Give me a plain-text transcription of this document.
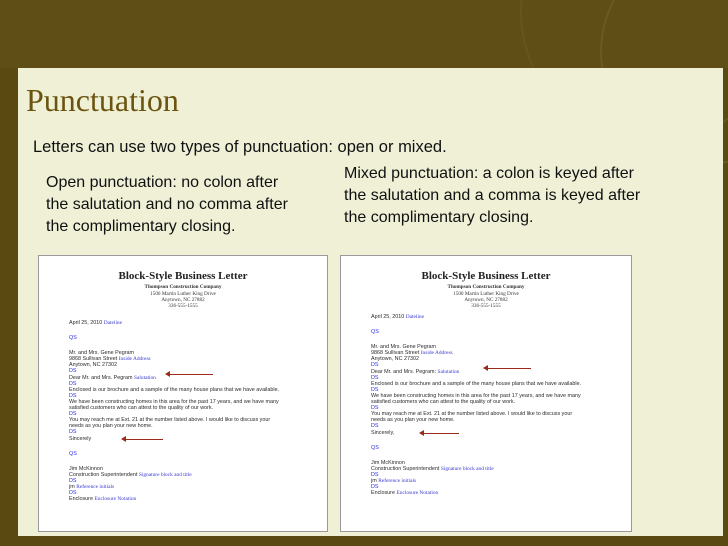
Punctuation

Letters can use two types of punctuation: open or mixed.

Open punctuation: no colon after the salutation and no comma after the complimentary closing.

Mixed punctuation: a colon is keyed after the salutation and a comma is keyed after the complimentary closing.

Block-Style Business Letter
Thompson Construction Company
1500 Martin Luther King Drive
Anytown, NC 27882
336-555-1555
April 25, 2010 Dateline
QS
Mr. and Mrs. Gene Pegram
9868 Sullivan Street Inside Address
Anytown, NC 27302
DS
Dear Mr. and Mrs. Pegram Salutation
DS
Enclosed is our brochure and a sample of the many house plans that we have available.
DS
We have been constructing homes in this area for the past 17 years, and we have many
satisfied customers who can attest to the quality of our work.
DS
You may reach me at Ext. 21 at the number listed above. I would like to discuss your
needs as you plan your new home.
DS
Sincerely
QS
Jim McKinnon
Construction Superintendent Signature block and title
DS
jm Reference initials
DS
Enclosure Enclosure Notation
Block-Style Business Letter
Thompson Construction Company
1500 Martin Luther King Drive
Anytown, NC 27882
336-555-1555
April 25, 2010 Dateline
QS
Mr. and Mrs. Gene Pegram
9868 Sullivan Street Inside Address
Anytown, NC 27302
DS
Dear Mr. and Mrs. Pegram: Salutation
DS
Enclosed is our brochure and a sample of the many house plans that we have available.
DS
We have been constructing homes in this area for the past 17 years, and we have many
satisfied customers who can attest to the quality of our work.
DS
You may reach me at Ext. 21 at the number listed above. I would like to discuss your
needs as you plan your new home.
DS
Sincerely,
QS
Jim McKinnon
Construction Superintendent Signature block and title
DS
jm Reference initials
DS
Enclosure Enclosure Notation
